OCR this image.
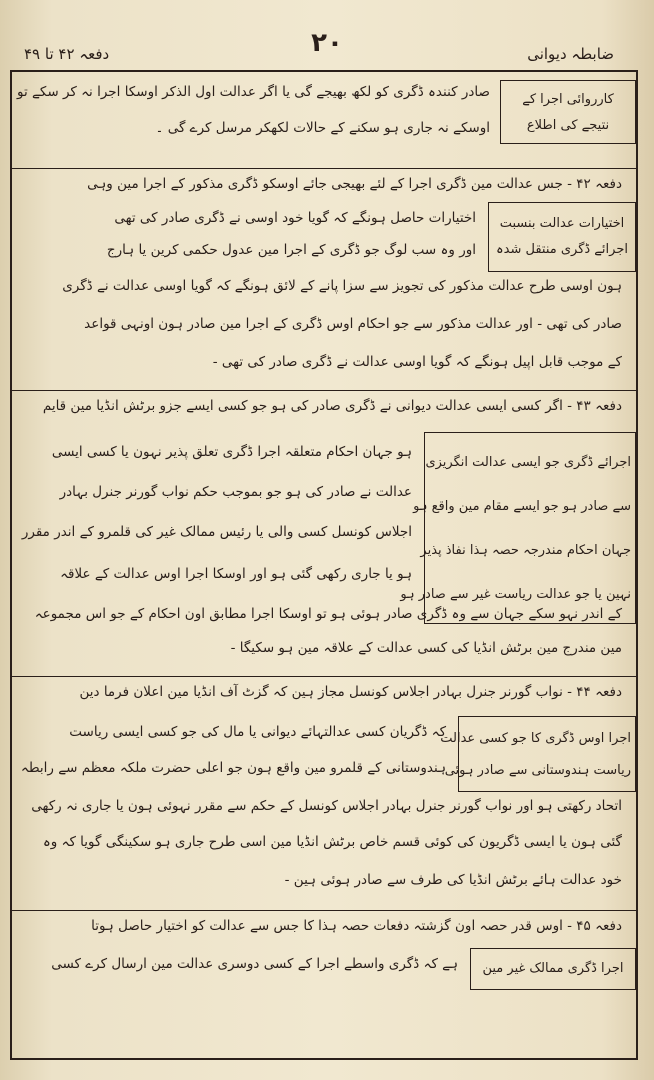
ضابطہ دیوانی
۲۰
دفعہ ۴۲ تا ۴۹
کارروائی اجرا کے
نتیجے کی اطلاع
صادر کنندہ ڈگری کو لکھ بھیجے گی یا اگر عدالت اول الذکر اوسکا اجرا نہ کر سکے تو
اوسکے نہ جاری ہو سکنے کے حالات لکھکر مرسل کرے گی ۔
دفعہ ۴۲ - جس عدالت مین ڈگری اجرا کے لئے بھیجی جائے اوسکو ڈگری مذکور کے اجرا مین وہی
اختیارات عدالت بنسبت
اجرائے ڈگری منتقل شدہ
اختیارات حاصل ہونگے کہ گویا خود اوسی نے ڈگری صادر کی تھی
اور وہ سب لوگ جو ڈگری کے اجرا مین عدول حکمی کرین یا ہارج
ہون اوسی طرح عدالت مذکور کی تجویز سے سزا پانے کے لائق ہونگے کہ گویا اوسی عدالت نے ڈگری
صادر کی تھی - اور عدالت مذکور سے جو احکام اوس ڈگری کے اجرا مین صادر ہون اونہی قواعد
کے موجب قابل اپیل ہونگے کہ گویا اوسی عدالت نے ڈگری صادر کی تھی -
دفعہ ۴۳ - اگر کسی ایسی عدالت دیوانی نے ڈگری صادر کی ہو جو کسی ایسے جزو برٹش انڈیا مین قایم
اجرائے ڈگری جو ایسی عدالت انگریزی
سے صادر ہو جو ایسے مقام مین واقع ہو
جہان احکام مندرجہ حصہ ہذا نفاذ پذیر
نہین یا جو عدالت ریاست غیر سے صادر ہو
ہو جہان احکام متعلقہ اجرا ڈگری تعلق پذیر نہون یا کسی ایسی
عدالت نے صادر کی ہو جو بموجب حکم نواب گورنر جنرل بہادر
اجلاس کونسل کسی والی یا رئیس ممالک غیر کی قلمرو کے اندر مقرر
ہو یا جاری رکھی گئی ہو اور اوسکا اجرا اوس عدالت کے علاقہ
کے اندر نہو سکے جہان سے وہ ڈگری صادر ہوئی ہو تو اوسکا اجرا مطابق اون احکام کے جو اس مجموعہ
مین مندرج مین برٹش انڈیا کی کسی عدالت کے علاقہ مین ہو سکیگا -
دفعہ ۴۴ - نواب گورنر جنرل بہادر اجلاس کونسل مجاز ہین کہ گزٹ آف انڈیا مین اعلان فرما دین
اجرا اوس ڈگری کا جو کسی عدالت
ریاست ہندوستانی سے صادر ہوئی
کہ ڈگریان کسی عدالتہائے دیوانی یا مال کی جو کسی ایسی ریاست
ہندوستانی کے قلمرو مین واقع ہون جو اعلی حضرت ملکہ معظم سے رابطہ
اتحاد رکھتی ہو اور نواب گورنر جنرل بہادر اجلاس کونسل کے حکم سے مقرر نہوئی ہون یا جاری نہ رکھی
گئی ہون یا ایسی ڈگریون کی کوئی قسم خاص برٹش انڈیا مین اسی طرح جاری ہو سکینگی گویا کہ وہ
خود عدالت ہائے برٹش انڈیا کی طرف سے صادر ہوئی ہین -
دفعہ ۴۵ - اوس قدر حصہ اون گزشتہ دفعات حصہ ہذا کا جس سے عدالت کو اختیار حاصل ہوتا
اجرا ڈگری ممالک غیر مین
ہے کہ ڈگری واسطے اجرا کے کسی دوسری عدالت مین ارسال کرے کسی
